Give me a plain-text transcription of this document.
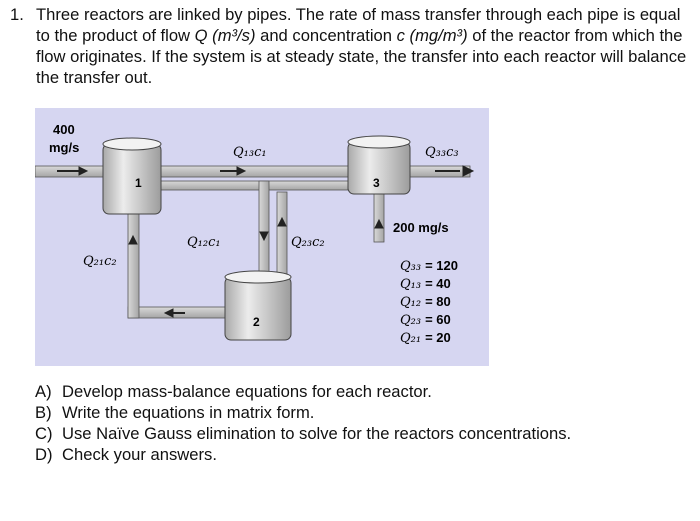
1. Three reactors are linked by pipes. The rate of mass transfer through each pipe is equal to the product of flow Q (m³/s) and concentration c (mg/m³) of the reactor from which the flow originates. If the system is at steady state, the transfer into each reactor will balance the transfer out.
1	3
2
400
mg/s	Q₁₃c₁	Q₃₃c₃
Q₁₂c₁	Q₂₃c₂
Q₂₁c₂
200 mg/s
Q₃₃ = 120
Q₁₃ = 40
Q₁₂ = 80
Q₂₃ = 60
Q₂₁ = 20
A) Develop mass-balance equations for each reactor.
B) Write the equations in matrix form.
C) Use Naïve Gauss elimination to solve for the reactors concentrations.
D) Check your answers.
